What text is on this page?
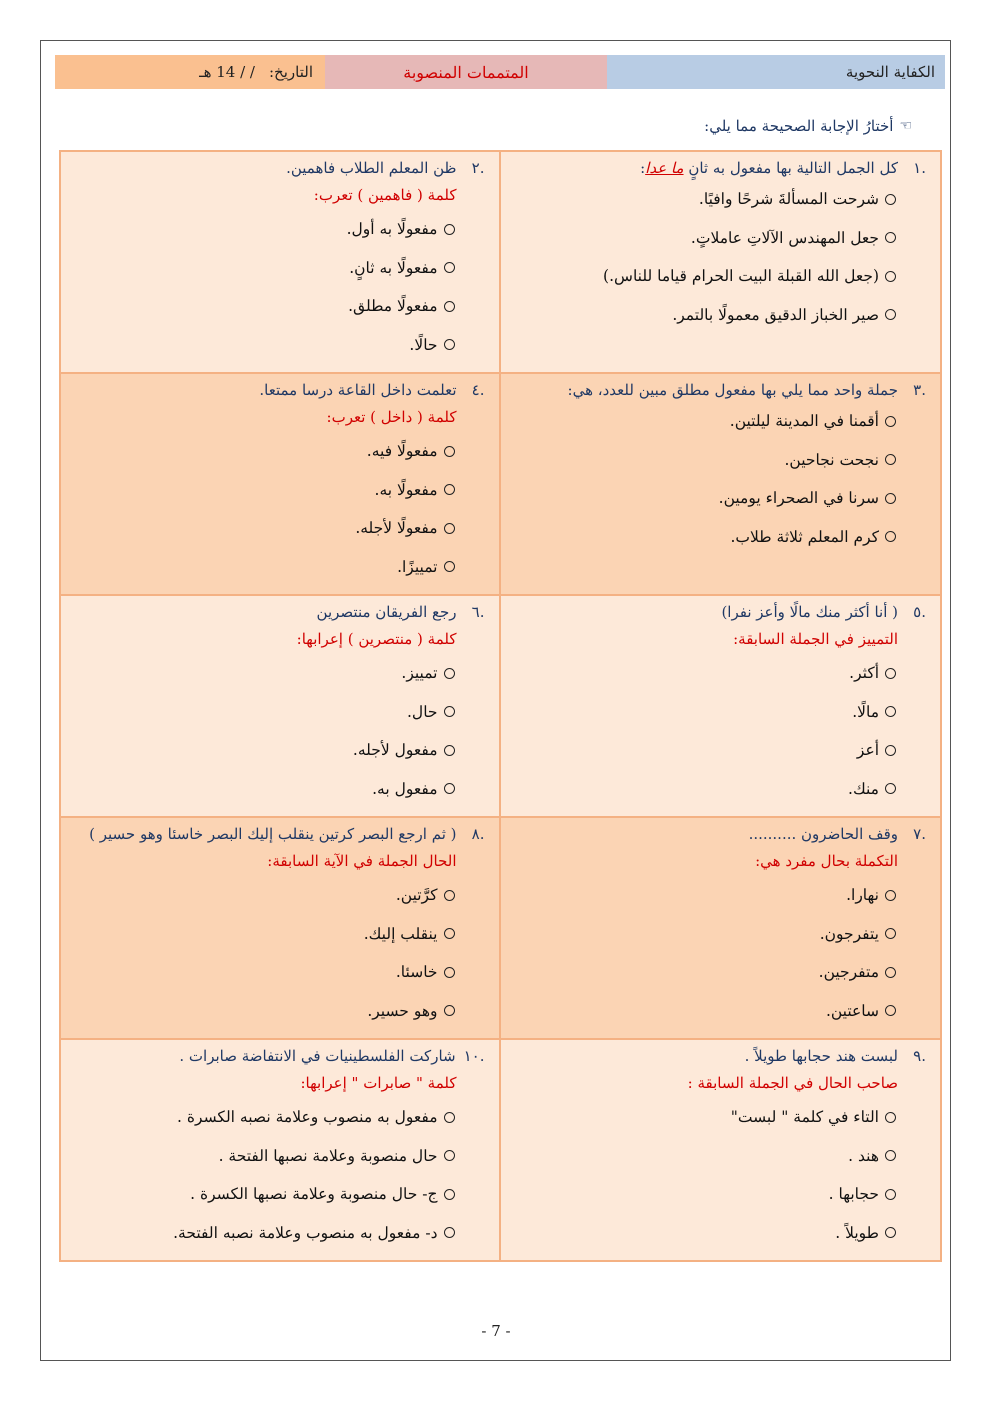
الكفاية النحوية
المتممات المنصوبة
التاريخ:
/ / 14 هـ
☜
أختارُ الإجابة الصحيحة مما يلي:
.١
كل الجمل التالية بها مفعول به ثانٍ ما عدا:
شرحت المسألةَ شرحًا وافيًا.
جعل المهندس الآلاتِ عاملاتٍ.
(جعل الله القبلة البيت الحرام قياما للناس.)
صير الخباز الدقيق معمولًا بالتمر.
.٢
ظن المعلم الطلاب فاهمين.
كلمة ( فاهمين ) تعرب:
مفعولًا به أول.
مفعولًا به ثانٍ.
مفعولًا مطلق.
حالًا.
.٣
جملة واحد مما يلي بها مفعول مطلق مبين للعدد، هي:
أقمنا في المدينة ليلتين.
نجحت نجاحين.
سرنا في الصحراء يومين.
كرم المعلم ثلاثة طلاب.
.٤
تعلمت داخل القاعة درسا ممتعا.
كلمة ( داخل ) تعرب:
مفعولًا فيه.
مفعولًا به.
مفعولًا لأجله.
تمييزًا.
.٥
( أنا أكثر منك مالًا وأعز نفرا)
التمييز في الجملة السابقة:
أكثر.
مالًا.
أعز
منك.
.٦
رجع الفريقان منتصرين
كلمة ( منتصرين ) إعرابها:
تمييز.
حال.
مفعول لأجله.
مفعول به.
.٧
وقف الحاضرون ..........
التكملة بحال مفرد هي:
نهارا.
يتفرجون.
متفرجين.
ساعتين.
.٨
( ثم ارجع البصر كرتين ينقلب إليك البصر خاسئا وهو حسير )
الحال الجملة في الآية السابقة:
كرَّتين.
ينقلب إليك.
خاسئا.
وهو حسير.
.٩
لبست هند حجابها طويلاً .
صاحب الحال في الجملة السابقة :
التاء في كلمة " لبست"
هند .
حجابها .
طويلاً .
.١٠
شاركت الفلسطينيات في الانتفاضة صابرات .
كلمة " صابرات " إعرابها:
مفعول به منصوب وعلامة نصبه الكسرة .
حال منصوبة وعلامة نصبها الفتحة .
ج- حال منصوبة وعلامة نصبها الكسرة .
د- مفعول به منصوب وعلامة نصبه الفتحة.
- 7 -
